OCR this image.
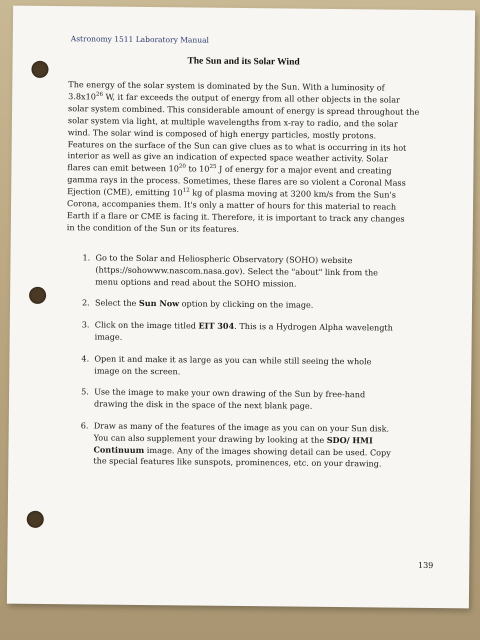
Astronomy 1511 Laboratory Manual
The Sun and its Solar Wind
The energy of the solar system is dominated by the Sun. With a luminosity of
$3.8x10^{26}$ W, it far exceeds the output of energy from all other objects in the solar
solar system combined. This considerable amount of energy is spread throughout the
solar system via light, at multiple wavelengths from x-ray to radio, and the solar
wind. The solar wind is composed of high energy particles, mostly protons.
Features on the surface of the Sun can give clues as to what is occurring in its hot
interior as well as give an indication of expected space weather activity. Solar
flares can emit between $10^{20}$ to $10^{25}$ J of energy for a major event and creating
gamma rays in the process. Sometimes, these flares are so violent a Coronal Mass
Ejection (CME), emitting $10^{12}$ kg of plasma moving at 3200 km/s from the Sun's
Corona, accompanies them. It's only a matter of hours for this material to reach
Earth if a flare or CME is facing it. Therefore, it is important to track any changes
in the condition of the Sun or its features.
1. Go to the Solar and Heliospheric Observatory (SOHO) website
(https://sohowww.nascom.nasa.gov). Select the "about" link from the
menu options and read about the SOHO mission.
2. Select the Sun Now option by clicking on the image.
3. Click on the image titled EIT 304. This is a Hydrogen Alpha wavelength
image.
4. Open it and make it as large as you can while still seeing the whole
image on the screen.
5. Use the image to make your own drawing of the Sun by free-hand
drawing the disk in the space of the next blank page.
6. Draw as many of the features of the image as you can on your Sun disk.
You can also supplement your drawing by looking at the SDO/ HMI
Continuum image. Any of the images showing detail can be used. Copy
the special features like sunspots, prominences, etc. on your drawing.
139
